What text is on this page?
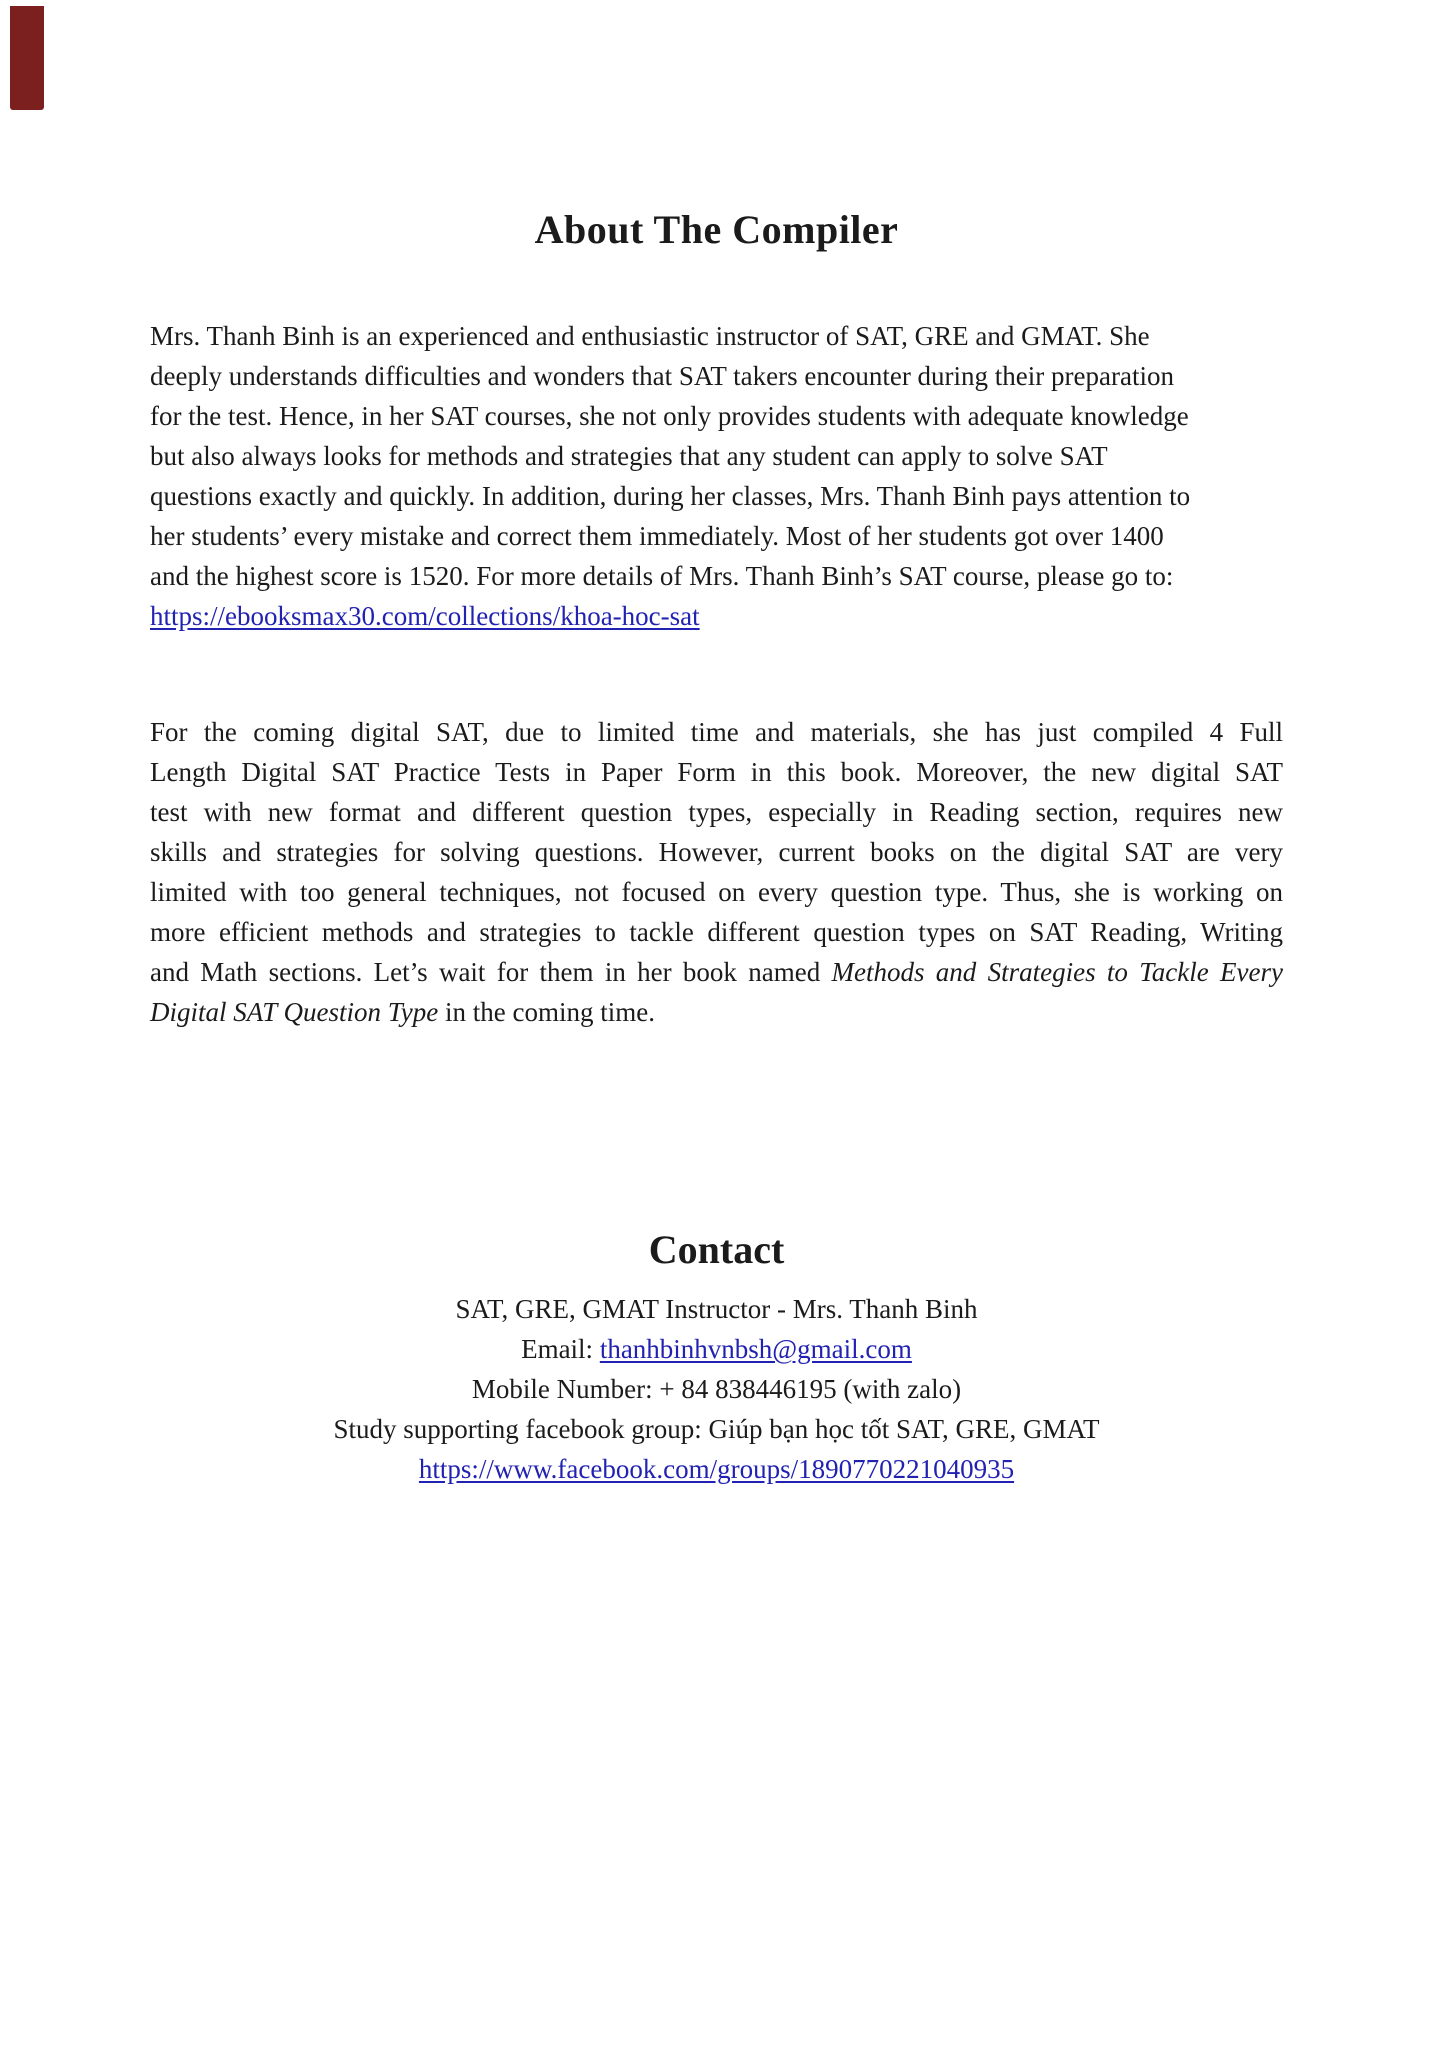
About The Compiler
Mrs. Thanh Binh is an experienced and enthusiastic instructor of SAT, GRE and GMAT. She
deeply understands difficulties and wonders that SAT takers encounter during their preparation
for the test. Hence, in her SAT courses, she not only provides students with adequate knowledge
but also always looks for methods and strategies that any student can apply to solve SAT
questions exactly and quickly. In addition, during her classes, Mrs. Thanh Binh pays attention to
her students’ every mistake and correct them immediately. Most of her students got over 1400
and the highest score is 1520. For more details of Mrs. Thanh Binh’s SAT course, please go to:
https://ebooksmax30.com/collections/khoa-hoc-sat
For the coming digital SAT, due to limited time and materials, she has just compiled 4 Full
Length Digital SAT Practice Tests in Paper Form in this book. Moreover, the new digital SAT
test with new format and different question types, especially in Reading section, requires new
skills and strategies for solving questions. However, current books on the digital SAT are very
limited with too general techniques, not focused on every question type. Thus, she is working on
more efficient methods and strategies to tackle different question types on SAT Reading, Writing
and Math sections. Let’s wait for them in her book named Methods and Strategies to Tackle Every
Digital SAT Question Type in the coming time.
Contact
SAT, GRE, GMAT Instructor - Mrs. Thanh Binh
Email: thanhbinhvnbsh@gmail.com
Mobile Number: + 84 838446195 (with zalo)
Study supporting facebook group: Giúp bạn học tốt SAT, GRE, GMAT
https://www.facebook.com/groups/1890770221040935
